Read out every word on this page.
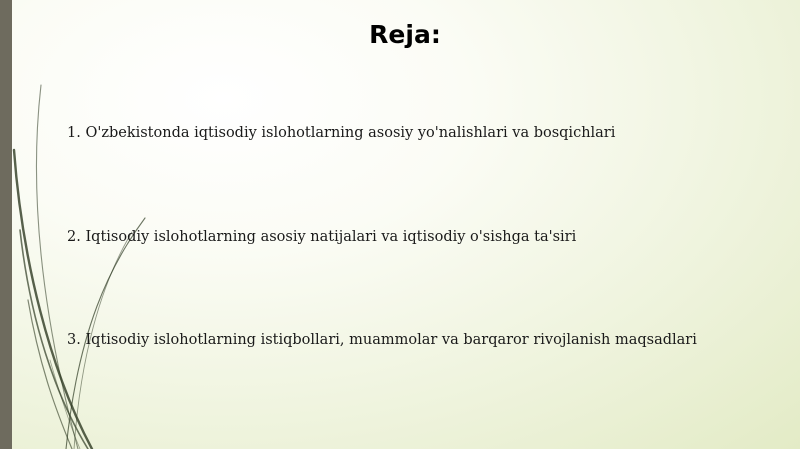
Reja:

1. O'zbekistonda iqtisodiy islohotlarning asosiy yo'nalishlari va bosqichlari

2. Iqtisodiy islohotlarning asosiy natijalari va iqtisodiy o'sishga ta'siri

3. Iqtisodiy islohotlarning istiqbollari, muammolar va barqaror rivojlanish maqsadlari
